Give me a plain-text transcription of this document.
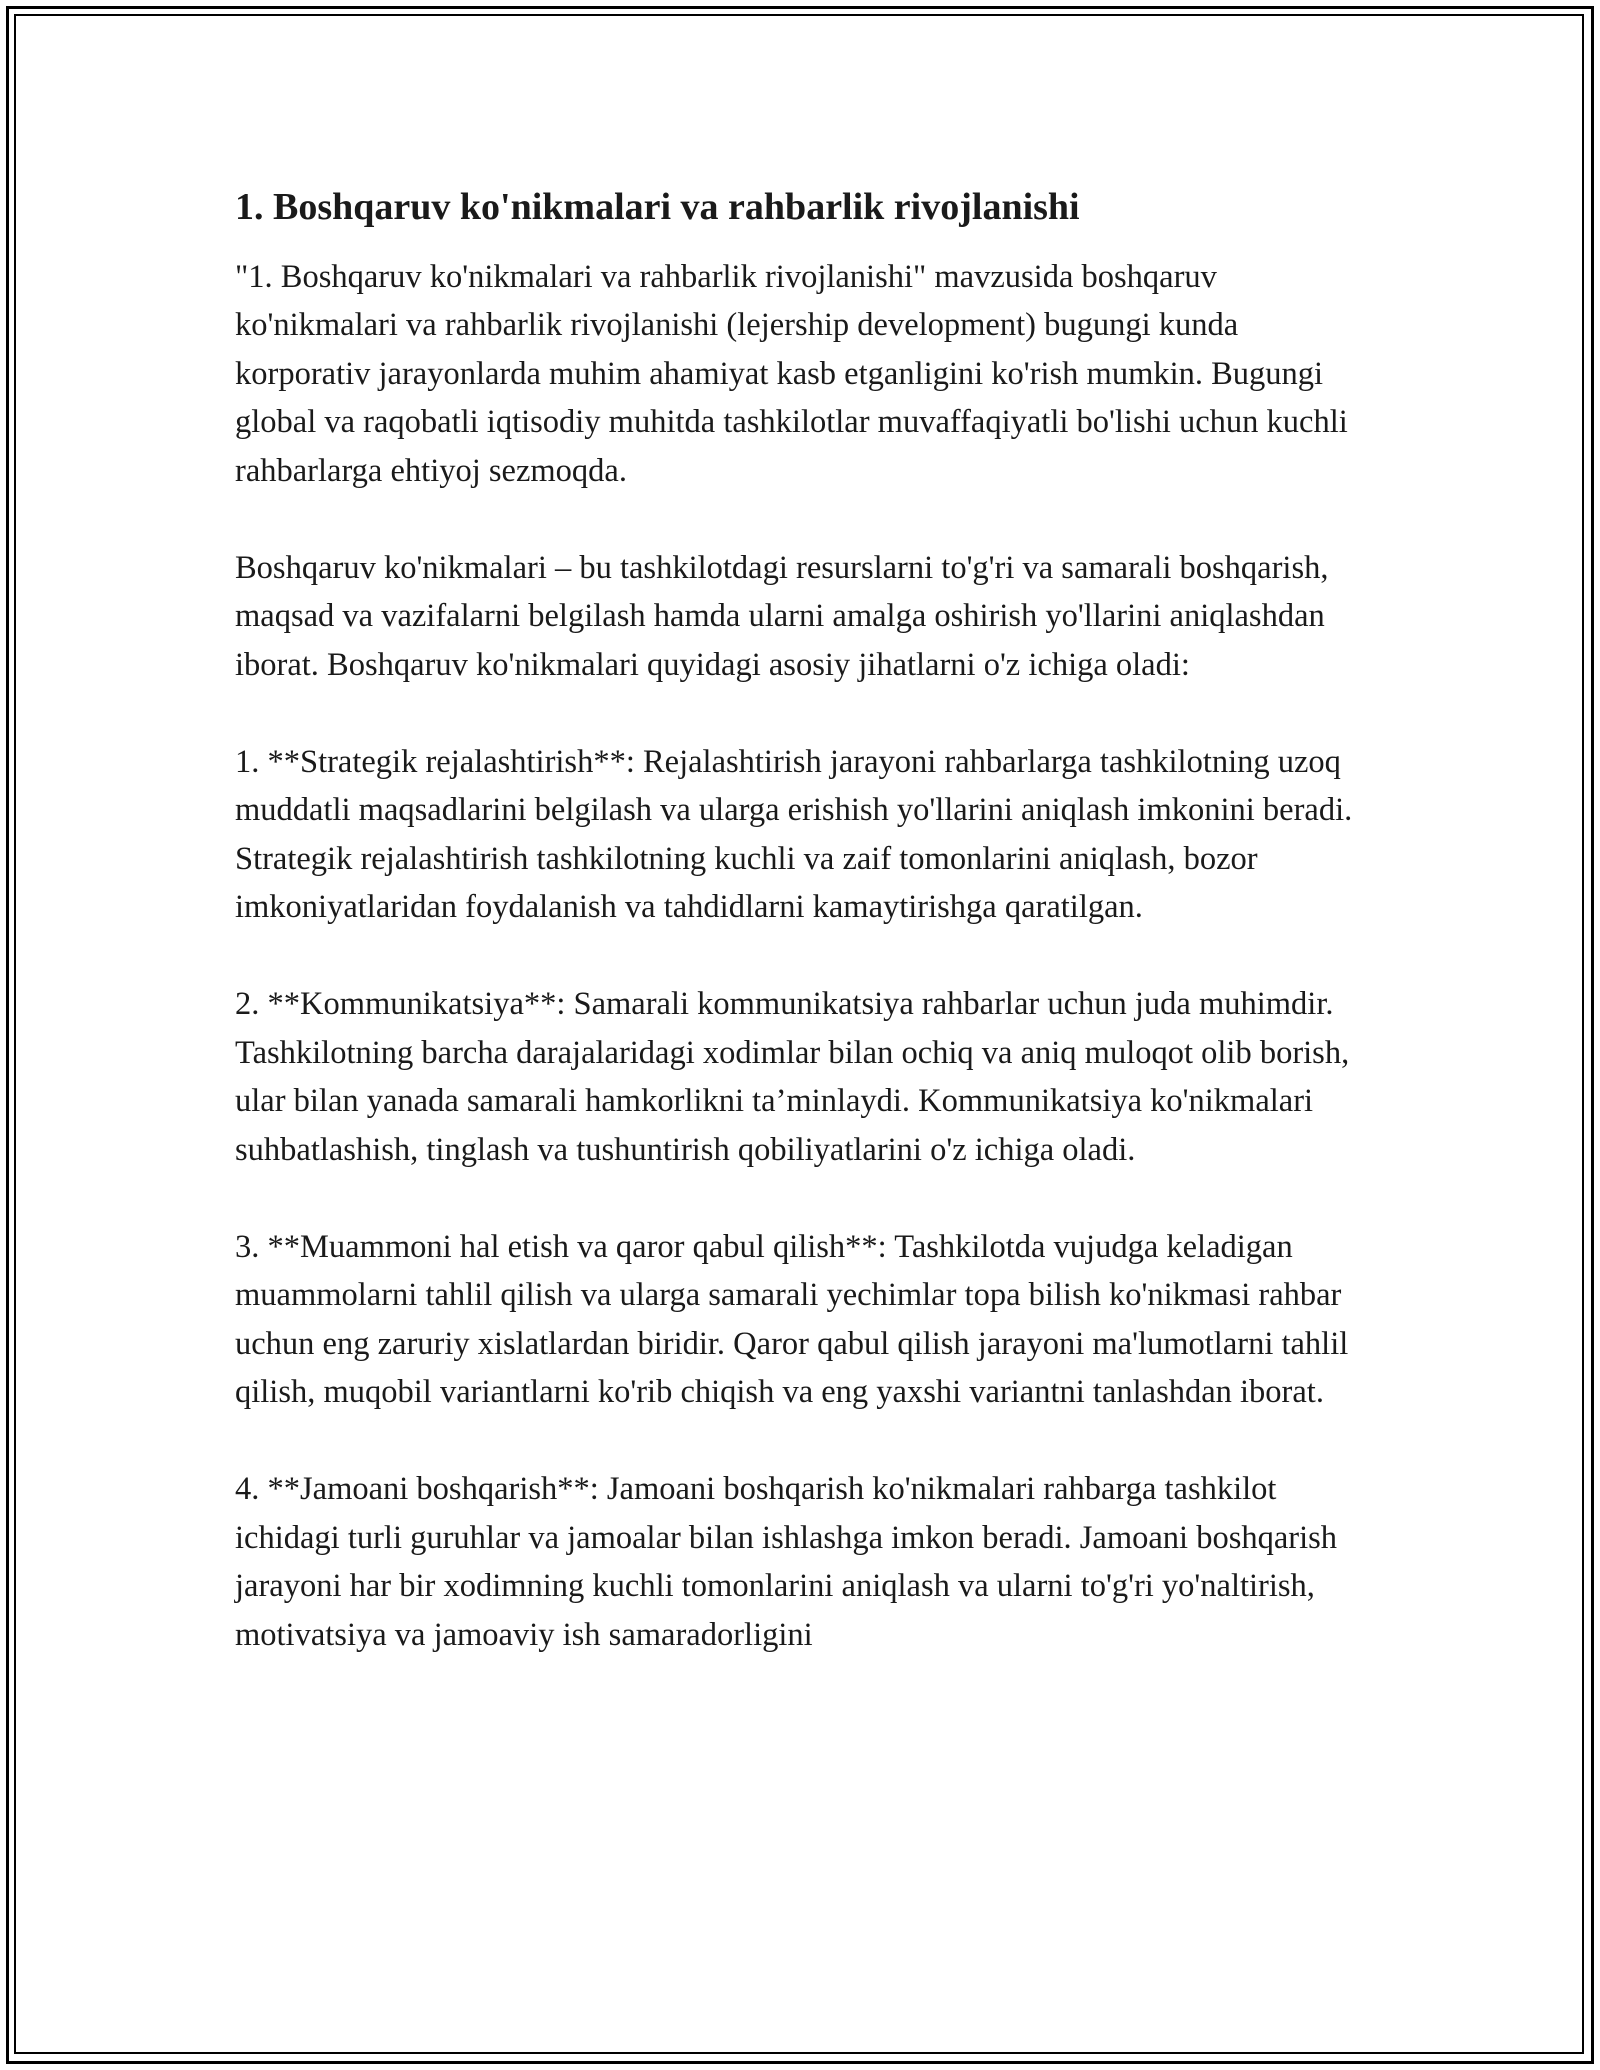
1. Boshqaruv ko'nikmalari va rahbarlik rivojlanishi

"1. Boshqaruv ko'nikmalari va rahbarlik rivojlanishi" mavzusida boshqaruv ko'nikmalari va rahbarlik rivojlanishi (lejership development) bugungi kunda korporativ jarayonlarda muhim ahamiyat kasb etganligini ko'rish mumkin. Bugungi global va raqobatli iqtisodiy muhitda tashkilotlar muvaffaqiyatli bo'lishi uchun kuchli rahbarlarga ehtiyoj sezmoqda.

Boshqaruv ko'nikmalari – bu tashkilotdagi resurslarni to'g'ri va samarali boshqarish, maqsad va vazifalarni belgilash hamda ularni amalga oshirish yo'llarini aniqlashdan iborat. Boshqaruv ko'nikmalari quyidagi asosiy jihatlarni o'z ichiga oladi:

1. **Strategik rejalashtirish**: Rejalashtirish jarayoni rahbarlarga tashkilotning uzoq muddatli maqsadlarini belgilash va ularga erishish yo'llarini aniqlash imkonini beradi. Strategik rejalashtirish tashkilotning kuchli va zaif tomonlarini aniqlash, bozor imkoniyatlaridan foydalanish va tahdidlarni kamaytirishga qaratilgan.

2. **Kommunikatsiya**: Samarali kommunikatsiya rahbarlar uchun juda muhimdir. Tashkilotning barcha darajalaridagi xodimlar bilan ochiq va aniq muloqot olib borish, ular bilan yanada samarali hamkorlikni ta’minlaydi. Kommunikatsiya ko'nikmalari suhbatlashish, tinglash va tushuntirish qobiliyatlarini o'z ichiga oladi.

3. **Muammoni hal etish va qaror qabul qilish**: Tashkilotda vujudga keladigan muammolarni tahlil qilish va ularga samarali yechimlar topa bilish ko'nikmasi rahbar uchun eng zaruriy xislatlardan biridir. Qaror qabul qilish jarayoni ma'lumotlarni tahlil qilish, muqobil variantlarni ko'rib chiqish va eng yaxshi variantni tanlashdan iborat.

4. **Jamoani boshqarish**: Jamoani boshqarish ko'nikmalari rahbarga tashkilot ichidagi turli guruhlar va jamoalar bilan ishlashga imkon beradi. Jamoani boshqarish jarayoni har bir xodimning kuchli tomonlarini aniqlash va ularni to'g'ri yo'naltirish, motivatsiya va jamoaviy ish samaradorligini
